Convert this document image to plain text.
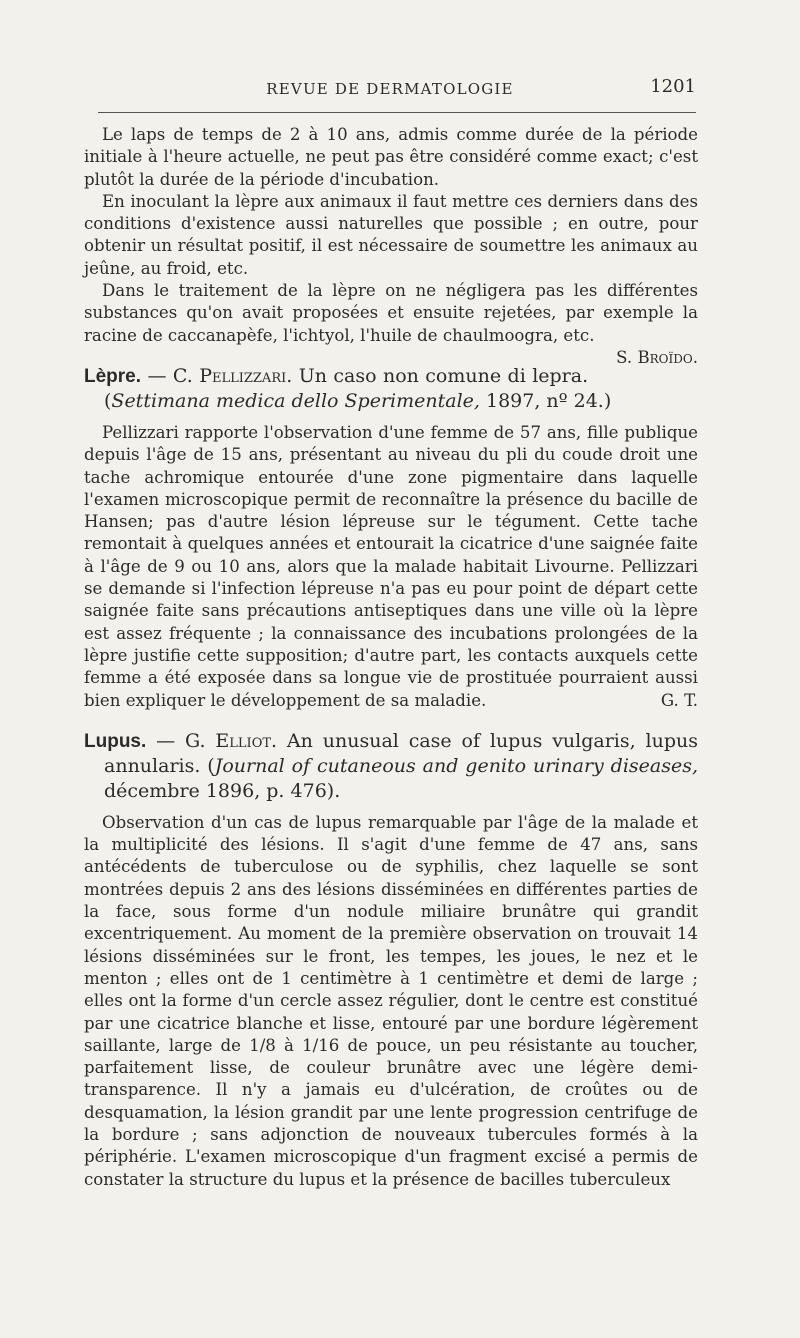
REVUE DE DERMATOLOGIE	1201

Le laps de temps de 2 à 10 ans, admis comme durée de la période initiale à l'heure actuelle, ne peut pas être considéré comme exact; c'est plutôt la durée de la période d'incubation.

En inoculant la lèpre aux animaux il faut mettre ces derniers dans des conditions d'existence aussi naturelles que possible ; en outre, pour obtenir un résultat positif, il est nécessaire de soumettre les animaux au jeûne, au froid, etc.

Dans le traitement de la lèpre on ne négligera pas les différentes substances qu'on avait proposées et ensuite rejetées, par exemple la racine de caccanapèfe, l'ichtyol, l'huile de chaulmoogra, etc.
S. Broïdo.

Lèpre. — C. Pellizzari. Un caso non comune di lepra. (Settimana medica dello Sperimentale, 1897, nº 24.)

Pellizzari rapporte l'observation d'une femme de 57 ans, fille publique depuis l'âge de 15 ans, présentant au niveau du pli du coude droit une tache achromique entourée d'une zone pigmentaire dans laquelle l'examen microscopique permit de reconnaître la présence du bacille de Hansen; pas d'autre lésion lépreuse sur le tégument. Cette tache remontait à quelques années et entourait la cicatrice d'une saignée faite à l'âge de 9 ou 10 ans, alors que la malade habitait Livourne. Pellizzari se demande si l'infection lépreuse n'a pas eu pour point de départ cette saignée faite sans précautions antiseptiques dans une ville où la lèpre est assez fréquente ; la connaissance des incubations prolongées de la lèpre justifie cette supposition; d'autre part, les contacts auxquels cette femme a été exposée dans sa longue vie de prostituée pourraient aussi bien expliquer le développement de sa maladie.	G. T.

Lupus. — G. Elliot. An unusual case of lupus vulgaris, lupus annularis. (Journal of cutaneous and genito urinary diseases, décembre 1896, p. 476).

Observation d'un cas de lupus remarquable par l'âge de la malade et la multiplicité des lésions. Il s'agit d'une femme de 47 ans, sans antécédents de tuberculose ou de syphilis, chez laquelle se sont montrées depuis 2 ans des lésions disséminées en différentes parties de la face, sous forme d'un nodule miliaire brunâtre qui grandit excentriquement. Au moment de la première observation on trouvait 14 lésions disséminées sur le front, les tempes, les joues, le nez et le menton ; elles ont de 1 centimètre à 1 centimètre et demi de large ; elles ont la forme d'un cercle assez régulier, dont le centre est constitué par une cicatrice blanche et lisse, entouré par une bordure légèrement saillante, large de 1/8 à 1/16 de pouce, un peu résistante au toucher, parfaitement lisse, de couleur brunâtre avec une légère demi-transparence. Il n'y a jamais eu d'ulcération, de croûtes ou de desquamation, la lésion grandit par une lente progression centrifuge de la bordure ; sans adjonction de nouveaux tubercules formés à la périphérie. L'examen microscopique d'un fragment excisé a permis de constater la structure du lupus et la présence de bacilles tuberculeux
